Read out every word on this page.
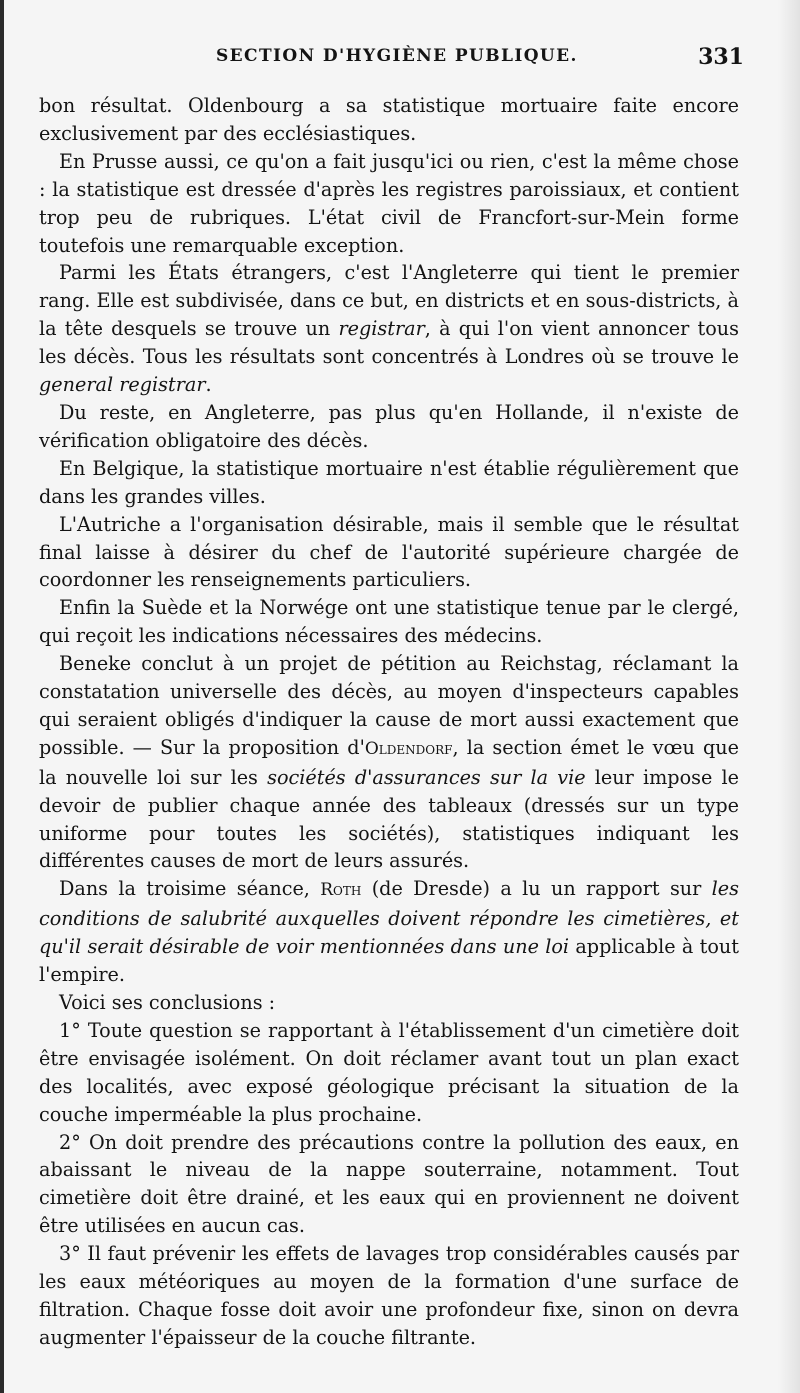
SECTION D'HYGIÈNE PUBLIQUE.	331

bon résultat. Oldenbourg a sa statistique mortuaire faite encore exclusivement par des ecclésiastiques.

En Prusse aussi, ce qu'on a fait jusqu'ici ou rien, c'est la même chose : la statistique est dressée d'après les registres paroissiaux, et contient trop peu de rubriques. L'état civil de Francfort-sur-Mein forme toutefois une remarquable exception.

Parmi les États étrangers, c'est l'Angleterre qui tient le premier rang. Elle est subdivisée, dans ce but, en districts et en sous-districts, à la tête desquels se trouve un registrar, à qui l'on vient annoncer tous les décès. Tous les résultats sont concentrés à Londres où se trouve le general registrar.

Du reste, en Angleterre, pas plus qu'en Hollande, il n'existe de vérification obligatoire des décès.

En Belgique, la statistique mortuaire n'est établie régulièrement que dans les grandes villes.

L'Autriche a l'organisation désirable, mais il semble que le résultat final laisse à désirer du chef de l'autorité supérieure chargée de coordonner les renseignements particuliers.

Enfin la Suède et la Norwége ont une statistique tenue par le clergé, qui reçoit les indications nécessaires des médecins.

Beneke conclut à un projet de pétition au Reichstag, réclamant la constatation universelle des décès, au moyen d'inspecteurs capables qui seraient obligés d'indiquer la cause de mort aussi exactement que possible. — Sur la proposition d'Oldendorf, la section émet le vœu que la nouvelle loi sur les sociétés d'assurances sur la vie leur impose le devoir de publier chaque année des tableaux (dressés sur un type uniforme pour toutes les sociétés), statistiques indiquant les différentes causes de mort de leurs assurés.

Dans la troisime séance, Roth (de Dresde) a lu un rapport sur les conditions de salubrité auxquelles doivent répondre les cimetières, et qu'il serait désirable de voir mentionnées dans une loi applicable à tout l'empire.

Voici ses conclusions :

1° Toute question se rapportant à l'établissement d'un cimetière doit être envisagée isolément. On doit réclamer avant tout un plan exact des localités, avec exposé géologique précisant la situation de la couche imperméable la plus prochaine.

2° On doit prendre des précautions contre la pollution des eaux, en abaissant le niveau de la nappe souterraine, notamment. Tout cimetière doit être drainé, et les eaux qui en proviennent ne doivent être utilisées en aucun cas.

3° Il faut prévenir les effets de lavages trop considérables causés par les eaux météoriques au moyen de la formation d'une surface de filtration. Chaque fosse doit avoir une profondeur fixe, sinon on devra augmenter l'épaisseur de la couche filtrante.
